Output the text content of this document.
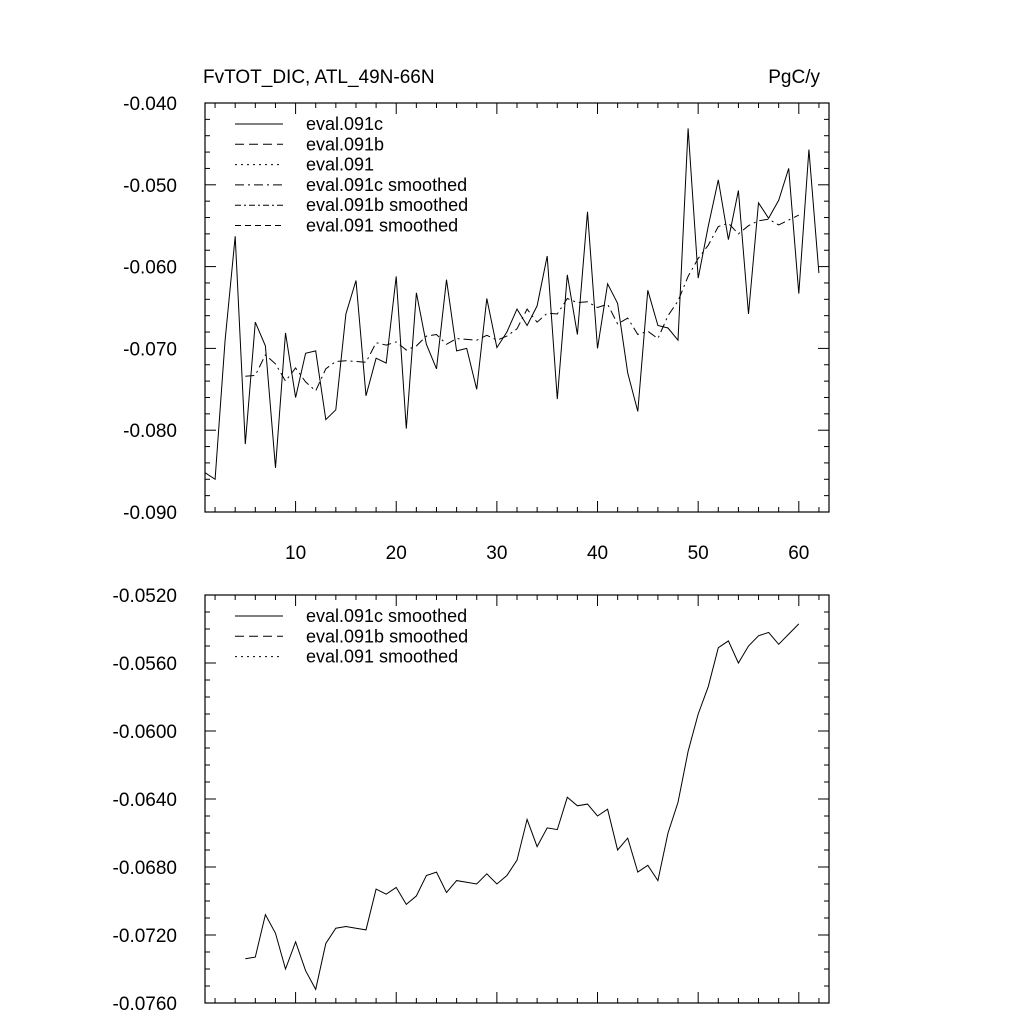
FvTOT_DIC, ATL_49N-66N	PgC/y
10	20	30	40	50	60
-0.040
-0.050
-0.060
-0.070
-0.080
-0.090
eval.091c
eval.091b
eval.091
eval.091c smoothed
eval.091b smoothed
eval.091 smoothed
-0.0520
-0.0560
-0.0600
-0.0640
-0.0680
-0.0720
-0.0760
eval.091c smoothed
eval.091b smoothed
eval.091 smoothed
